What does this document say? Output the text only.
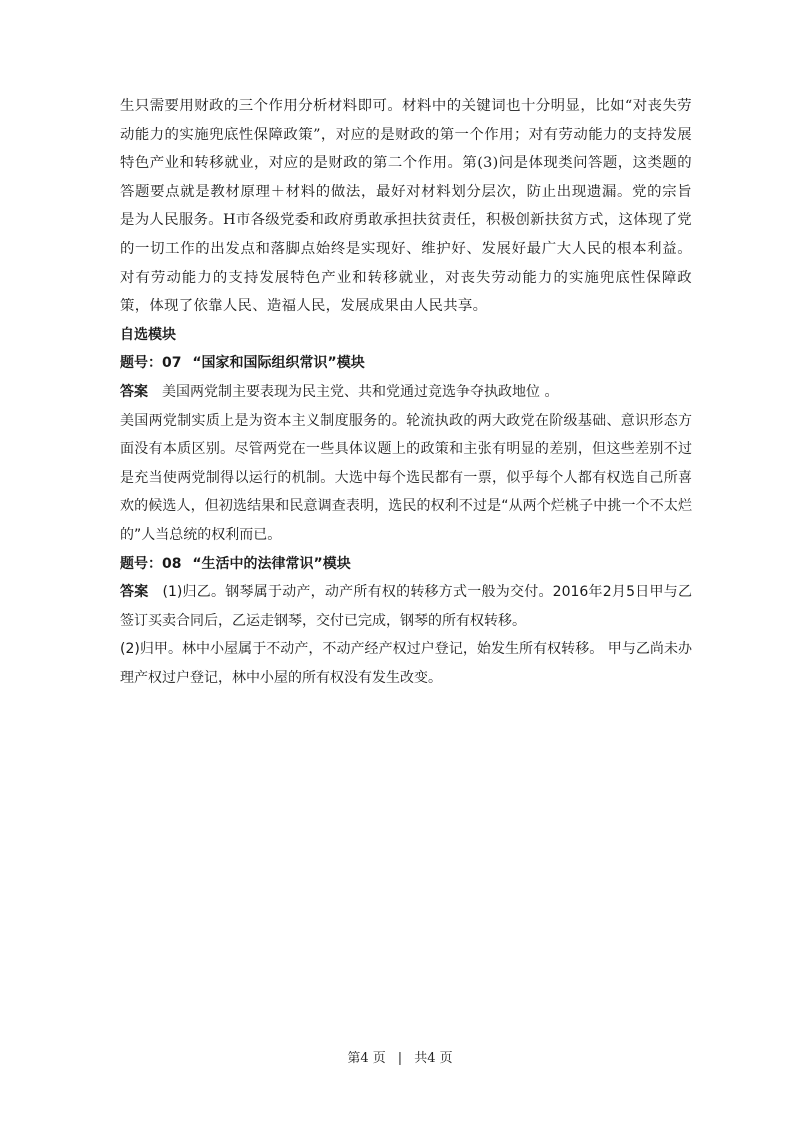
生只需要用财政的三个作用分析材料即可。材料中的关键词也十分明显，比如“对丧失劳动能力的实施兜底性保障政策”，对应的是财政的第一个作用；对有劳动能力的支持发展特色产业和转移就业，对应的是财政的第二个作用。第(3)问是体现类问答题，这类题的答题要点就是教材原理＋材料的做法，最好对材料划分层次，防止出现遗漏。党的宗旨是为人民服务。H市各级党委和政府勇敢承担扶贫责任，积极创新扶贫方式，这体现了党的一切工作的出发点和落脚点始终是实现好、维护好、发展好最广大人民的根本利益。对有劳动能力的支持发展特色产业和转移就业，对丧失劳动能力的实施兜底性保障政策，体现了依靠人民、造福人民，发展成果由人民共享。

自选模块

题号：07 “国家和国际组织常识”模块

答案 美国两党制主要表现为民主党、共和党通过竞选争夺执政地位 。

美国两党制实质上是为资本主义制度服务的。轮流执政的两大政党在阶级基础、意识形态方面没有本质区别。尽管两党在一些具体议题上的政策和主张有明显的差别，但这些差别不过是充当使两党制得以运行的机制。大选中每个选民都有一票，似乎每个人都有权选自己所喜欢的候选人，但初选结果和民意调查表明，选民的权利不过是“从两个烂桃子中挑一个不太烂的”人当总统的权利而已。

题号：08 “生活中的法律常识”模块

答案 (1)归乙。钢琴属于动产，动产所有权的转移方式一般为交付。2016年2月5日甲与乙签订买卖合同后，乙运走钢琴，交付已完成，钢琴的所有权转移。

(2)归甲。林中小屋属于不动产，不动产经产权过户登记，始发生所有权转移。 甲与乙尚未办理产权过户登记，林中小屋的所有权没有发生改变。

第4 页 | 共4 页
